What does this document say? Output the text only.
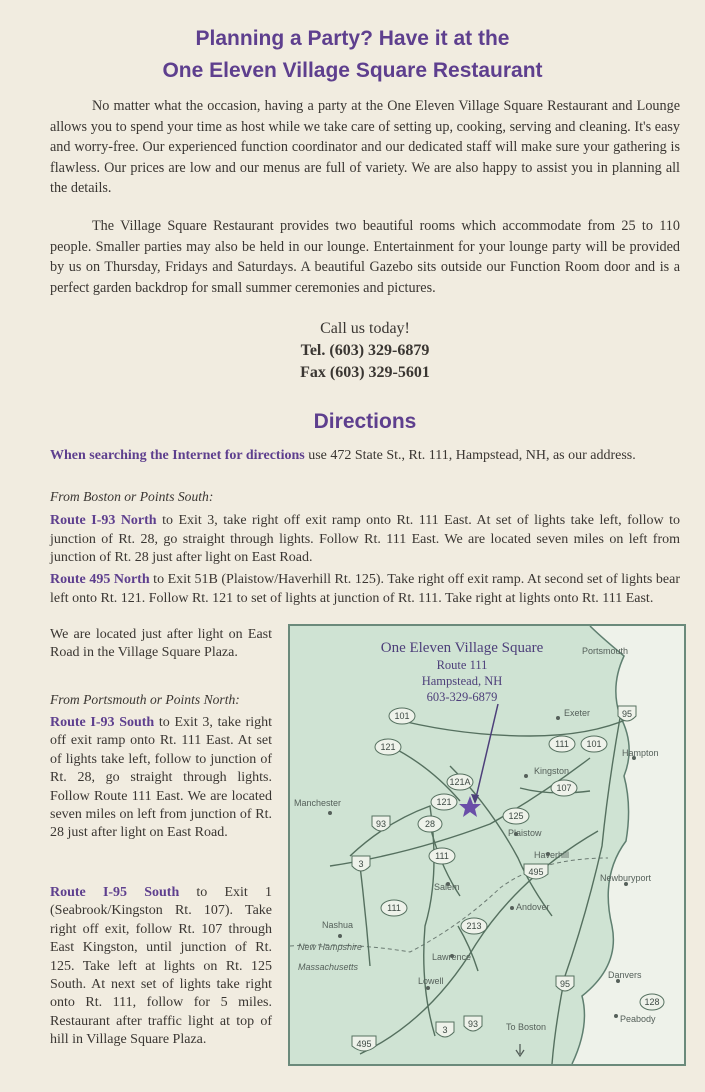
Planning a Party? Have it at the
One Eleven Village Square Restaurant

No matter what the occasion, having a party at the One Eleven Village Square Restaurant and Lounge allows you to spend your time as host while we take care of setting up, cooking, serving and cleaning. It's easy and worry-free. Our experienced function coordinator and our dedicated staff will make sure your gathering is flawless. Our prices are low and our menus are full of variety. We are also happy to assist you in planning all the details.

The Village Square Restaurant provides two beautiful rooms which accommodate from 25 to 110 people. Smaller parties may also be held in our lounge. Entertainment for your lounge party will be provided by us on Thursday, Fridays and Saturdays. A beautiful Gazebo sits outside our Function Room door and is a perfect garden backdrop for small summer ceremonies and pictures.

Call us today!
Tel. (603) 329-6879
Fax (603) 329-5601
Directions

When searching the Internet for directions use 472 State St., Rt. 111, Hampstead, NH, as our address.

From Boston or Points South:

Route I-93 North to Exit 3, take right off exit ramp onto Rt. 111 East. At set of lights take left, follow to junction of Rt. 28, go straight through lights. Follow Rt. 111 East. We are located seven miles on left from junction of Rt. 28 just after light on East Road.

Route 495 North to Exit 51B (Plaistow/Haverhill Rt. 125). Take right off exit ramp. At second set of lights bear left onto Rt. 121. Follow Rt. 121 to set of lights at junction of Rt. 111. Take right at lights onto Rt. 111 East.

We are located just after light on East Road in the Village Square Plaza.

From Portsmouth or Points North:

Route I-93 South to Exit 3, take right off exit ramp onto Rt. 111 East. At set of lights take left, follow to junction of Rt. 28, go straight through lights. Follow Route 111 East. We are located seven miles on left from junction of Rt. 28 just after light on East Road.

Route I-95 South to Exit 1 (Seabrook/Kingston Rt. 107). Take right off exit, follow Rt. 107 through East Kingston, until junction of Rt. 125. Take left at lights on Rt. 125 South. At next set of lights take right onto Rt. 111, follow for 5 miles. Restaurant after traffic light at top of hill in Village Square Plaza.

One Eleven Village Square
Route 111
Hampstead, NH
603-329-6879
Portsmouth
Exeter
Hampton
Kingston
Manchester
Plaistow
Haverhill
Newburyport
Salem
Andover
Nashua
New Hampshire
Massachusetts
Lawrence
Lowell
Danvers
Peabody
To Boston
101
121	111 101
95
107
121A
121
125
93	28
111
3
495
111
213
95
128
3
93
495
